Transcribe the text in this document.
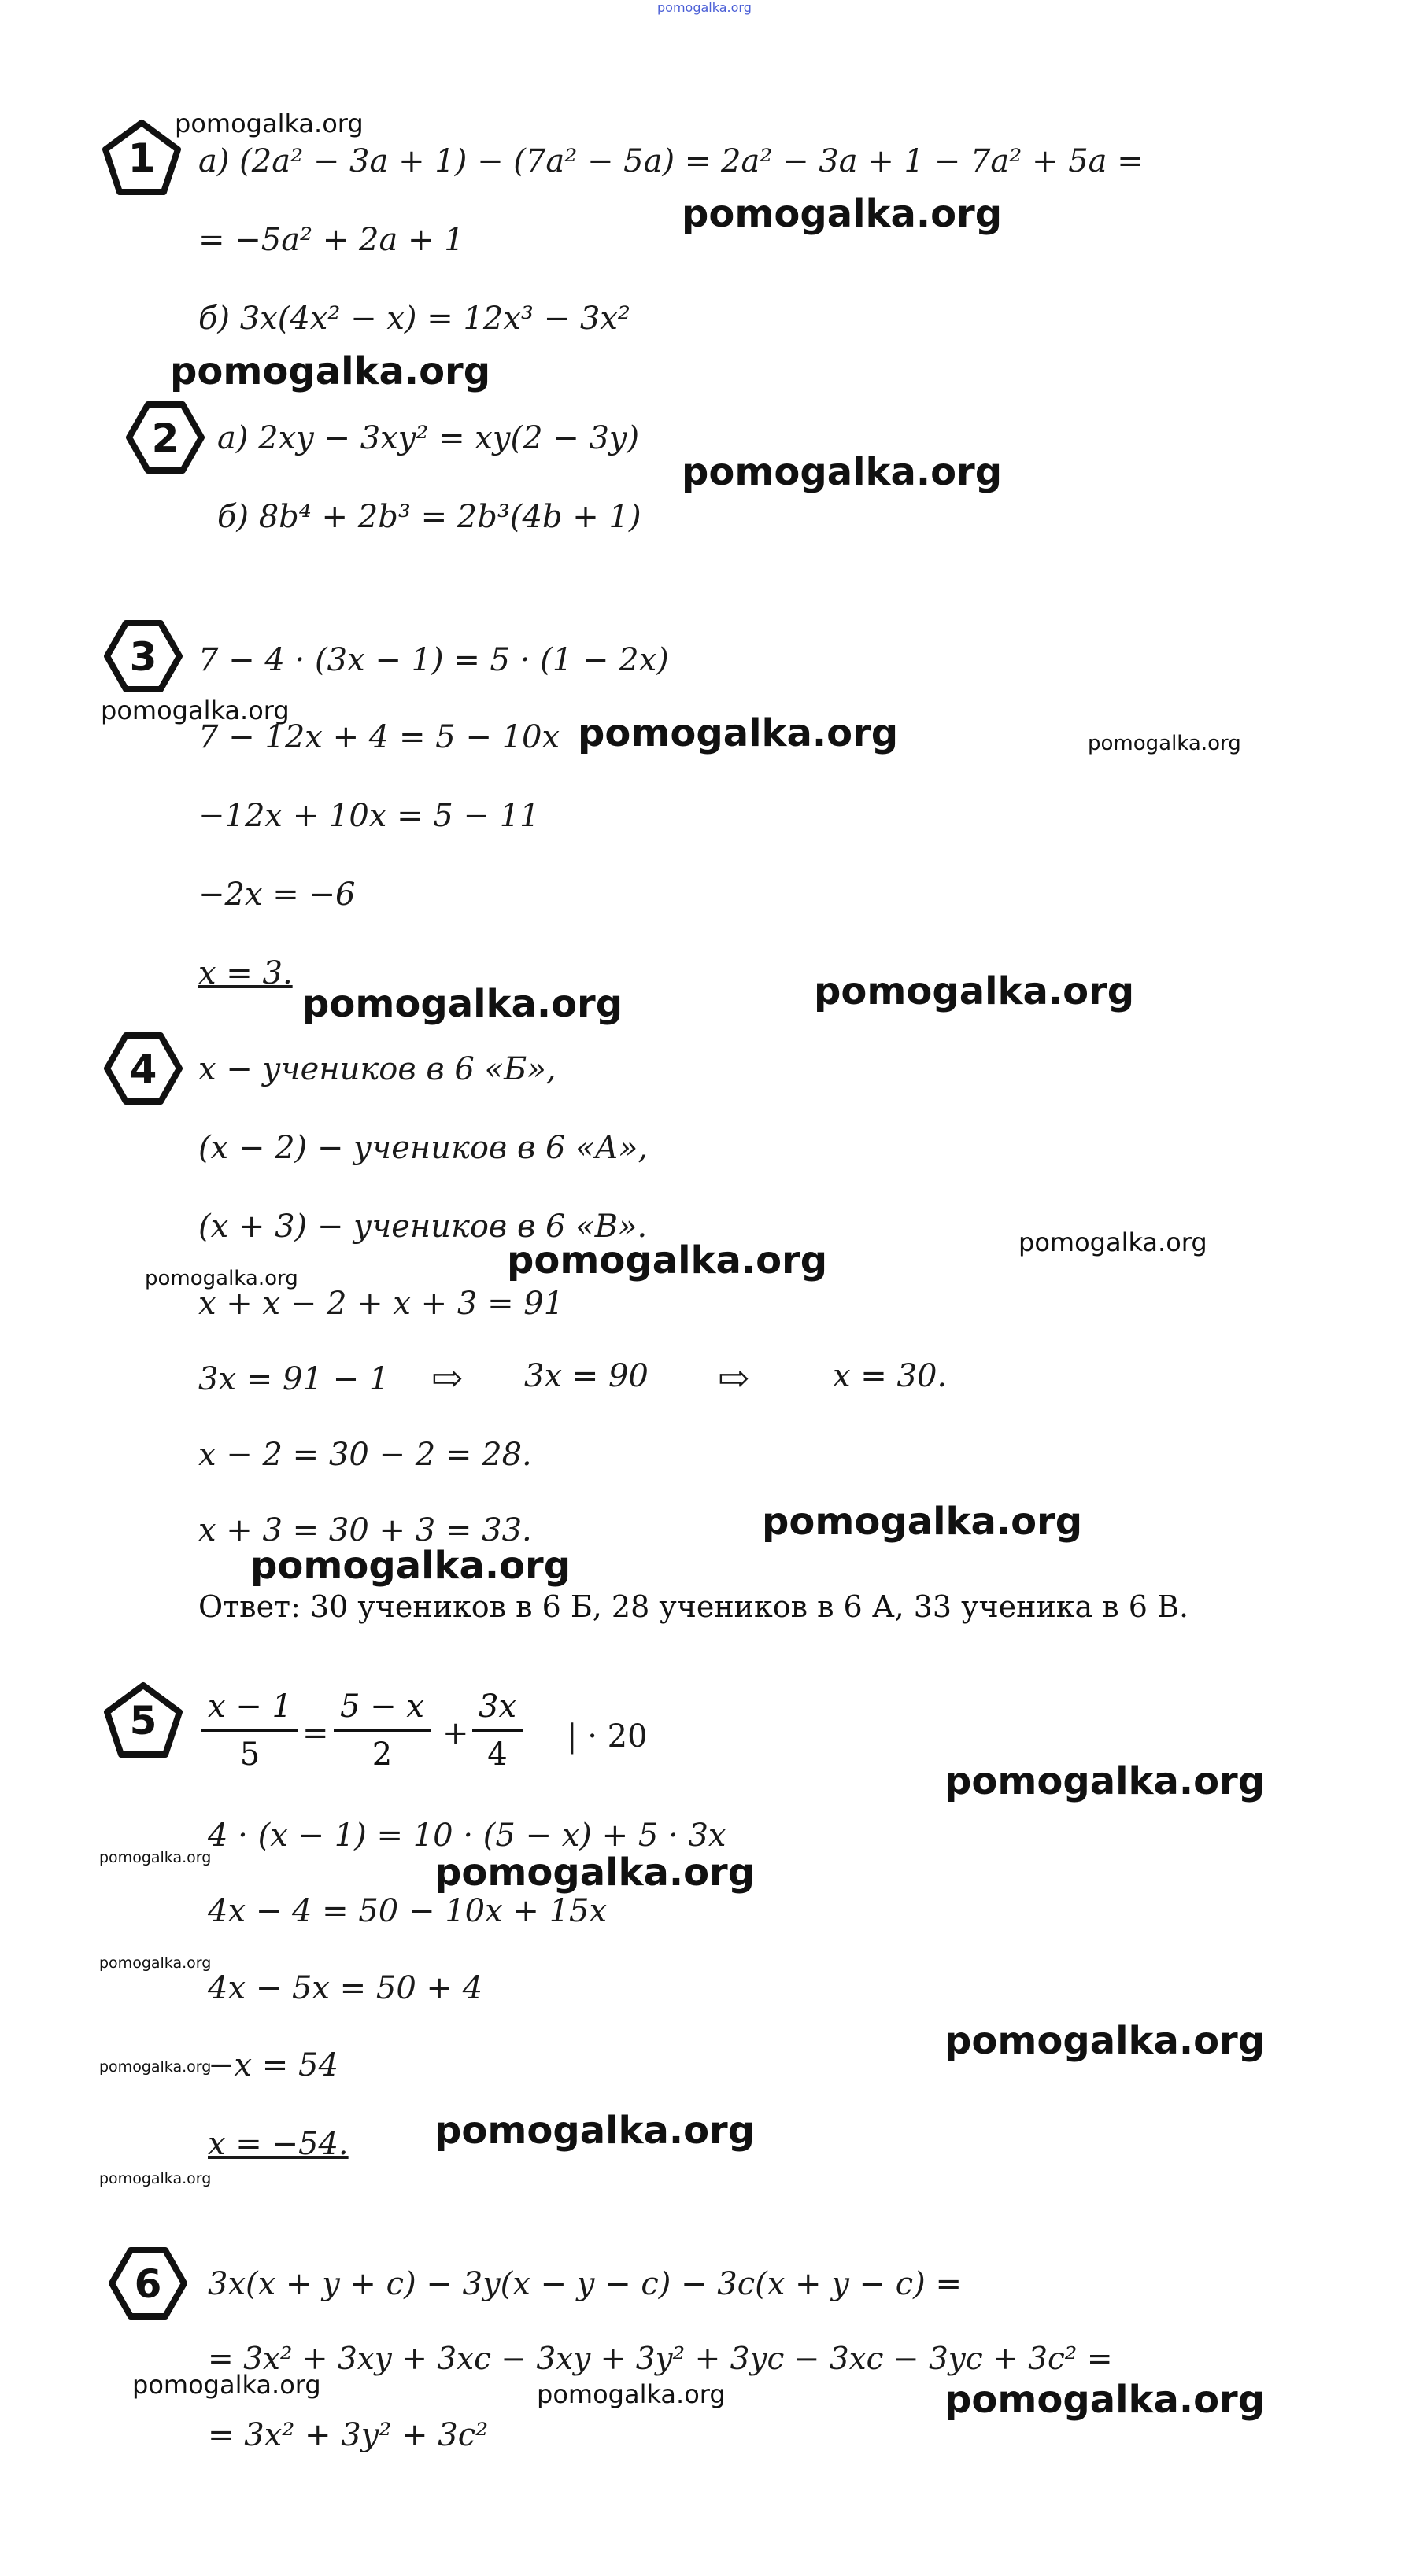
pomogalka.org
1
pomogalka.org
а) (2a² − 3a + 1) − (7a² − 5a) = 2a² − 3a + 1 − 7a² + 5a =
pomogalka.org
= −5a² + 2a + 1
б) 3x(4x² − x) = 12x³ − 3x²
pomogalka.org
2	а) 2xy − 3xy² = xy(2 − 3y)
pomogalka.org
б) 8b⁴ + 2b³ = 2b³(4b + 1)
3	7 − 4 · (3x − 1) = 5 · (1 − 2x)
pomogalka.org
7 − 12x + 4 = 5 − 10x pomogalka.org	pomogalka.org
−12x + 10x = 5 − 11
−2x = −6
x = 3.
pomogalka.org	pomogalka.org
4	x − учеников в 6 «Б»,
(x − 2) − учеников в 6 «А»,
(x + 3) − учеников в 6 «В».	pomogalka.org
pomogalka.org
pomogalka.org
x + x − 2 + x + 3 = 91
3x = 91 − 1 ⇨ 3x = 90 ⇨	x = 30.
x − 2 = 30 − 2 = 28.
x + 3 = 30 + 3 = 33.	pomogalka.org
pomogalka.org
Ответ: 30 учеников в 6 Б, 28 учеников в 6 А, 33 ученика в 6 В.
5	$\frac{x - 1}{5} = \frac{5 - x}{2} + \frac{3x}{4}$ | · 20
pomogalka.org
4 · (x − 1) = 10 · (5 − x) + 5 · 3x
pomogalka.org	pomogalka.org
4x − 4 = 50 − 10x + 15x
pomogalka.org
4x − 5x = 50 + 4
pomogalka.org
pomogalka.org
−x = 54
x = −54. pomogalka.org
pomogalka.org
6	3x(x + y + c) − 3y(x − y − c) − 3c(x + y − c) =
= 3x² + 3xy + 3xc − 3xy + 3y² + 3yc − 3xc − 3yc + 3c² =
pomogalka.org	pomogalka.org	pomogalka.org
= 3x² + 3y² + 3c²
